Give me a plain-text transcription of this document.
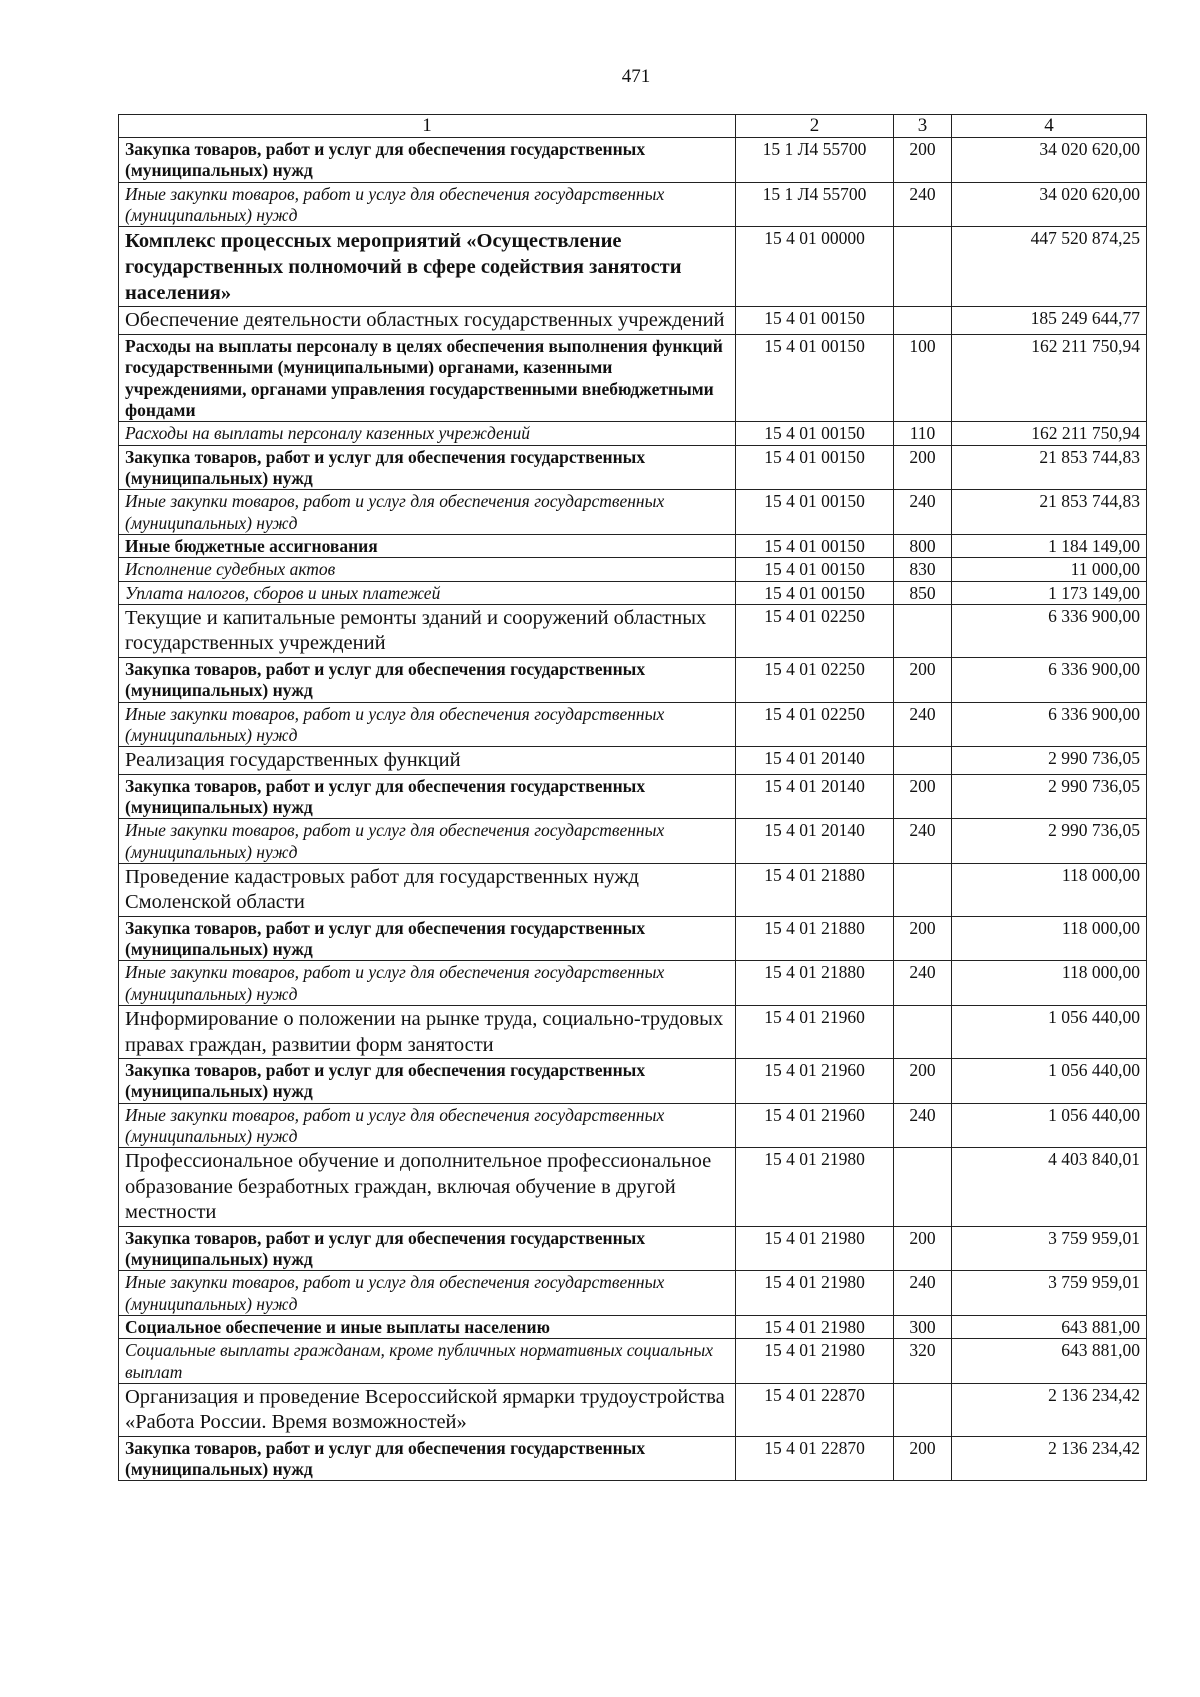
471
1	2	3	4
Закупка товаров, работ и услуг для обеспечения государственных (муниципальных) нужд	15 1 Л4 55700	200	34 020 620,00
Иные закупки товаров, работ и услуг для обеспечения государственных (муниципальных) нужд	15 1 Л4 55700	240	34 020 620,00
Комплекс процессных мероприятий «Осуществление государственных полномочий в сфере содействия занятости населения»	15 4 01 00000		447 520 874,25
Обеспечение деятельности областных государственных учреждений	15 4 01 00150		185 249 644,77
Расходы на выплаты персоналу в целях обеспечения выполнения функций государственными (муниципальными) органами, казенными учреждениями, органами управления государственными внебюджетными фондами	15 4 01 00150	100	162 211 750,94
Расходы на выплаты персоналу казенных учреждений	15 4 01 00150	110	162 211 750,94
Закупка товаров, работ и услуг для обеспечения государственных (муниципальных) нужд	15 4 01 00150	200	21 853 744,83
Иные закупки товаров, работ и услуг для обеспечения государственных (муниципальных) нужд	15 4 01 00150	240	21 853 744,83
Иные бюджетные ассигнования	15 4 01 00150	800	1 184 149,00
Исполнение судебных актов	15 4 01 00150	830	11 000,00
Уплата налогов, сборов и иных платежей	15 4 01 00150	850	1 173 149,00
Текущие и капитальные ремонты зданий и сооружений областных государственных учреждений	15 4 01 02250		6 336 900,00
Закупка товаров, работ и услуг для обеспечения государственных (муниципальных) нужд	15 4 01 02250	200	6 336 900,00
Иные закупки товаров, работ и услуг для обеспечения государственных (муниципальных) нужд	15 4 01 02250	240	6 336 900,00
Реализация государственных функций	15 4 01 20140		2 990 736,05
Закупка товаров, работ и услуг для обеспечения государственных (муниципальных) нужд	15 4 01 20140	200	2 990 736,05
Иные закупки товаров, работ и услуг для обеспечения государственных (муниципальных) нужд	15 4 01 20140	240	2 990 736,05
Проведение кадастровых работ для государственных нужд Смоленской области	15 4 01 21880		118 000,00
Закупка товаров, работ и услуг для обеспечения государственных (муниципальных) нужд	15 4 01 21880	200	118 000,00
Иные закупки товаров, работ и услуг для обеспечения государственных (муниципальных) нужд	15 4 01 21880	240	118 000,00
Информирование о положении на рынке труда, социально-трудовых правах граждан, развитии форм занятости	15 4 01 21960		1 056 440,00
Закупка товаров, работ и услуг для обеспечения государственных (муниципальных) нужд	15 4 01 21960	200	1 056 440,00
Иные закупки товаров, работ и услуг для обеспечения государственных (муниципальных) нужд	15 4 01 21960	240	1 056 440,00
Профессиональное обучение и дополнительное профессиональное образование безработных граждан, включая обучение в другой местности	15 4 01 21980		4 403 840,01
Закупка товаров, работ и услуг для обеспечения государственных (муниципальных) нужд	15 4 01 21980	200	3 759 959,01
Иные закупки товаров, работ и услуг для обеспечения государственных (муниципальных) нужд	15 4 01 21980	240	3 759 959,01
Социальное обеспечение и иные выплаты населению	15 4 01 21980	300	643 881,00
Социальные выплаты гражданам, кроме публичных нормативных социальных выплат	15 4 01 21980	320	643 881,00
Организация и проведение Всероссийской ярмарки трудоустройства «Работа России. Время возможностей»	15 4 01 22870		2 136 234,42
Закупка товаров, работ и услуг для обеспечения государственных (муниципальных) нужд	15 4 01 22870	200	2 136 234,42
